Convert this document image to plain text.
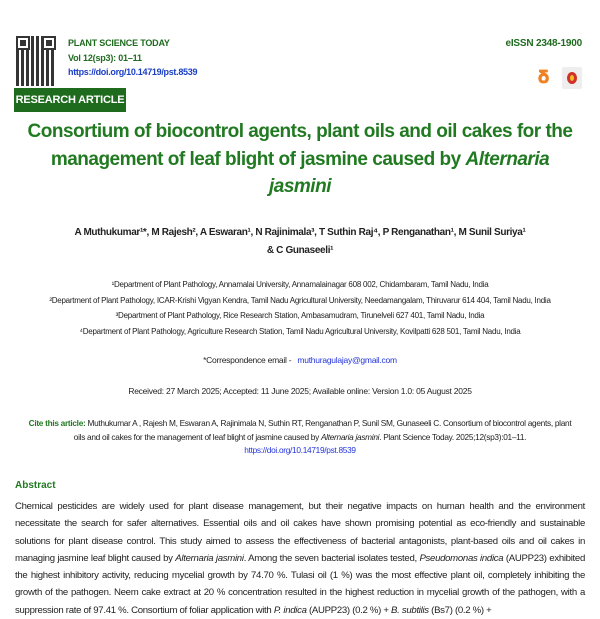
PLANT SCIENCE TODAY
Vol 12(sp3): 01–11
https://doi.org/10.14719/pst.8539
eISSN 2348-1900
𝛅
RESEARCH ARTICLE
Consortium of biocontrol agents, plant oils and oil cakes for the management of leaf blight of jasmine caused by Alternaria jasmini
A Muthukumar¹*, M Rajesh², A Eswaran¹, N Rajinimala³, T Suthin Raj⁴, P Renganathan¹, M Sunil Suriya¹
& C Gunaseeli¹
¹Department of Plant Pathology, Annamalai University, Annamalainagar 608 002, Chidambaram, Tamil Nadu, India
²Department of Plant Pathology, ICAR-Krishi Vigyan Kendra, Tamil Nadu Agricultural University, Needamangalam, Thiruvarur 614 404, Tamil Nadu, India
³Department of Plant Pathology, Rice Research Station, Ambasamudram, Tirunelveli 627 401, Tamil Nadu, India
⁴Department of Plant Pathology, Agriculture Research Station, Tamil Nadu Agricultural University, Kovilpatti 628 501, Tamil Nadu, India
*Correspondence email - muthuragulajay@gmail.com
Received: 27 March 2025; Accepted: 11 June 2025; Available online: Version 1.0: 05 August 2025
Cite this article: Muthukumar A , Rajesh M, Eswaran A, Rajinimala N, Suthin RT, Renganathan P, Sunil SM, Gunaseeli C. Consortium of biocontrol agents, plant oils and oil cakes for the management of leaf blight of jasmine caused by Alternaria jasmini. Plant Science Today. 2025;12(sp3):01–11.
https://doi.org/10.14719/pst.8539
Abstract
Chemical pesticides are widely used for plant disease management, but their negative impacts on human health and the environment necessitate the search for safer alternatives. Essential oils and oil cakes have shown promising potential as eco-friendly and sustainable solutions for plant disease control. This study aimed to assess the effectiveness of bacterial antagonists, plant-based oils and oil cakes in managing jasmine leaf blight caused by Alternaria jasmini. Among the seven bacterial isolates tested, Pseudomonas indica (AUPP23) exhibited the highest inhibitory activity, reducing mycelial growth by 74.70 %. Tulasi oil (1 %) was the most effective plant oil, completely inhibiting the growth of the pathogen. Neem cake extract at 20 % concentration resulted in the highest reduction in mycelial growth of the pathogen, with a suppression rate of 97.41 %. Consortium of foliar application with P. indica (AUPP23) (0.2 %) + B. subtilis (Bs7) (0.2 %) +
